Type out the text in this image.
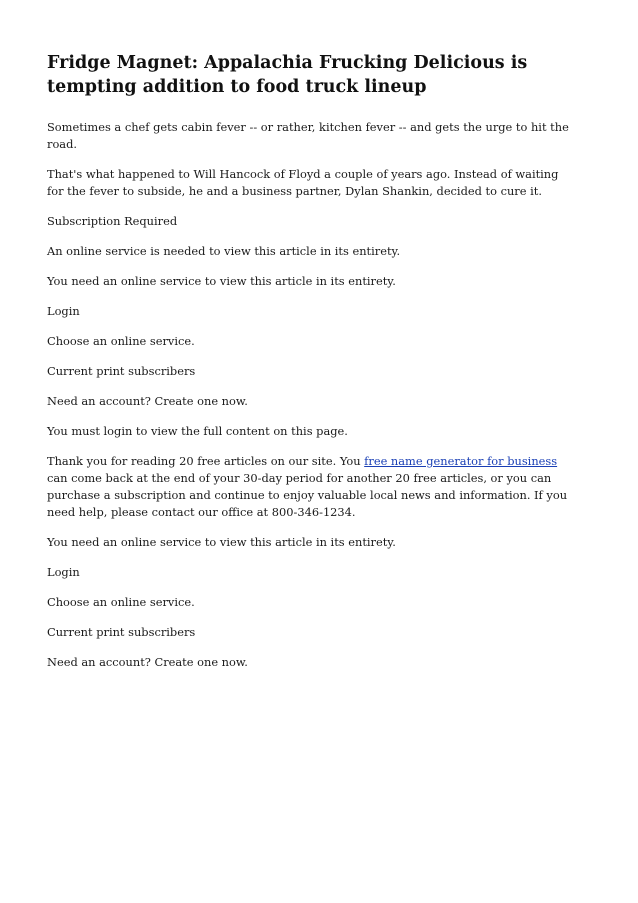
Fridge Magnet: Appalachia Frucking Delicious is tempting addition to food truck lineup

Sometimes a chef gets cabin fever -- or rather, kitchen fever -- and gets the urge to hit the road.

That's what happened to Will Hancock of Floyd a couple of years ago. Instead of waiting for the fever to subside, he and a business partner, Dylan Shankin, decided to cure it.

Subscription Required

An online service is needed to view this article in its entirety.

You need an online service to view this article in its entirety.

Login

Choose an online service.

Current print subscribers

Need an account? Create one now.

You must login to view the full content on this page.

Thank you for reading 20 free articles on our site. You free name generator for business can come back at the end of your 30-day period for another 20 free articles, or you can purchase a subscription and continue to enjoy valuable local news and information. If you need help, please contact our office at 800-346-1234.

You need an online service to view this article in its entirety.

Login

Choose an online service.

Current print subscribers

Need an account? Create one now.
